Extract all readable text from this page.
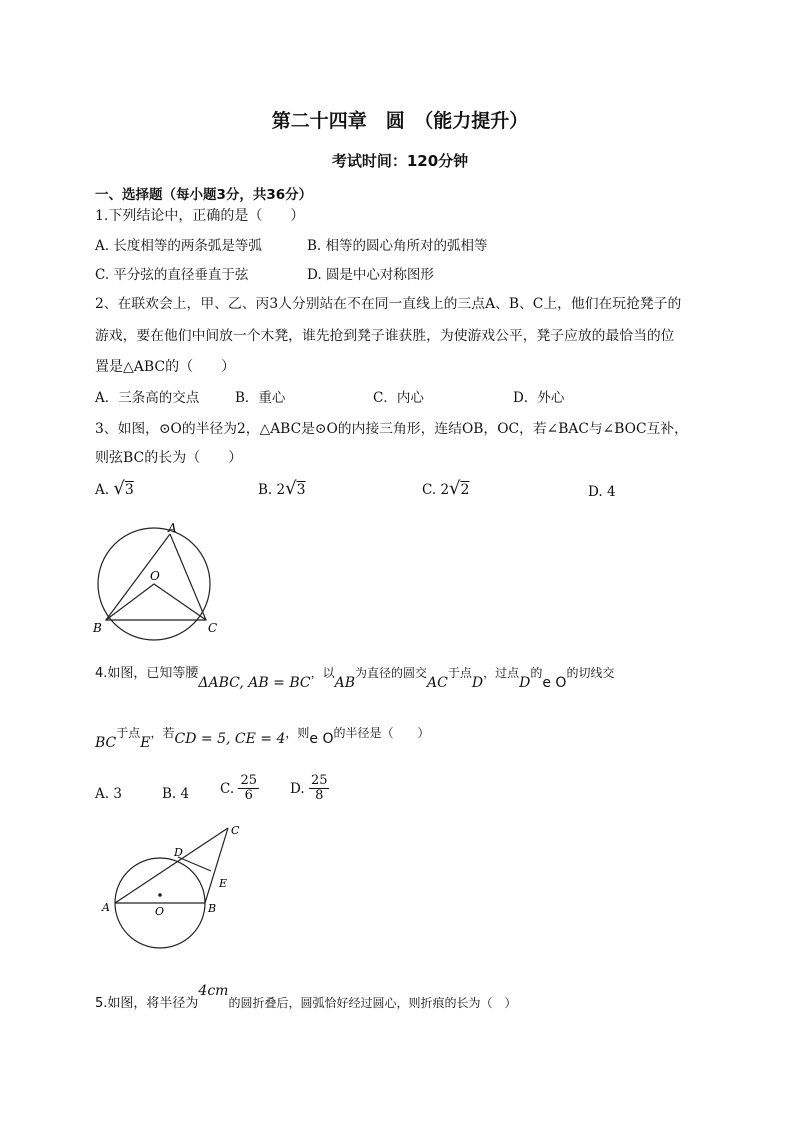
第二十四章　圆　（能力提升）
考试时间：120分钟
一、选择题（每小题3分，共36分）
1.下列结论中，正确的是（　　）
A. 长度相等的两条弧是等弧	B. 相等的圆心角所对的弧相等
C. 平分弦的直径垂直于弦	D. 圆是中心对称图形
2、在联欢会上，甲、乙、丙3人分别站在不在同一直线上的三点A、B、C上，他们在玩抢凳子的
游戏，要在他们中间放一个木凳，谁先抢到凳子谁获胜，为使游戏公平，凳子应放的最恰当的位
置是△ABC的（　　）
A．三条高的交点	B．重心	C．内心	D．外心
3、如图，⊙O的半径为2，△ABC是⊙O的内接三角形，连结OB，OC，若∠BAC与∠BOC互补，
则弦BC的长为（　　）
A. √3	B. 2√3	C. 2√2	D. 4
A
O
B	C
4.如图，已知等腰ΔABC, AB = BC，以AB为直径的圆交AC于点D，过点D的e O的切线交
BC于点E，若CD = 5, CE = 4，则e O的半径是（　　）
A. 3	B. 4 C. $\frac{25}{6} D$. $\frac{25}{8}$
A	O	B
C
D
E
5.如图，将半径为4cm的圆折叠后，圆弧恰好经过圆心，则折痕的长为（　）
